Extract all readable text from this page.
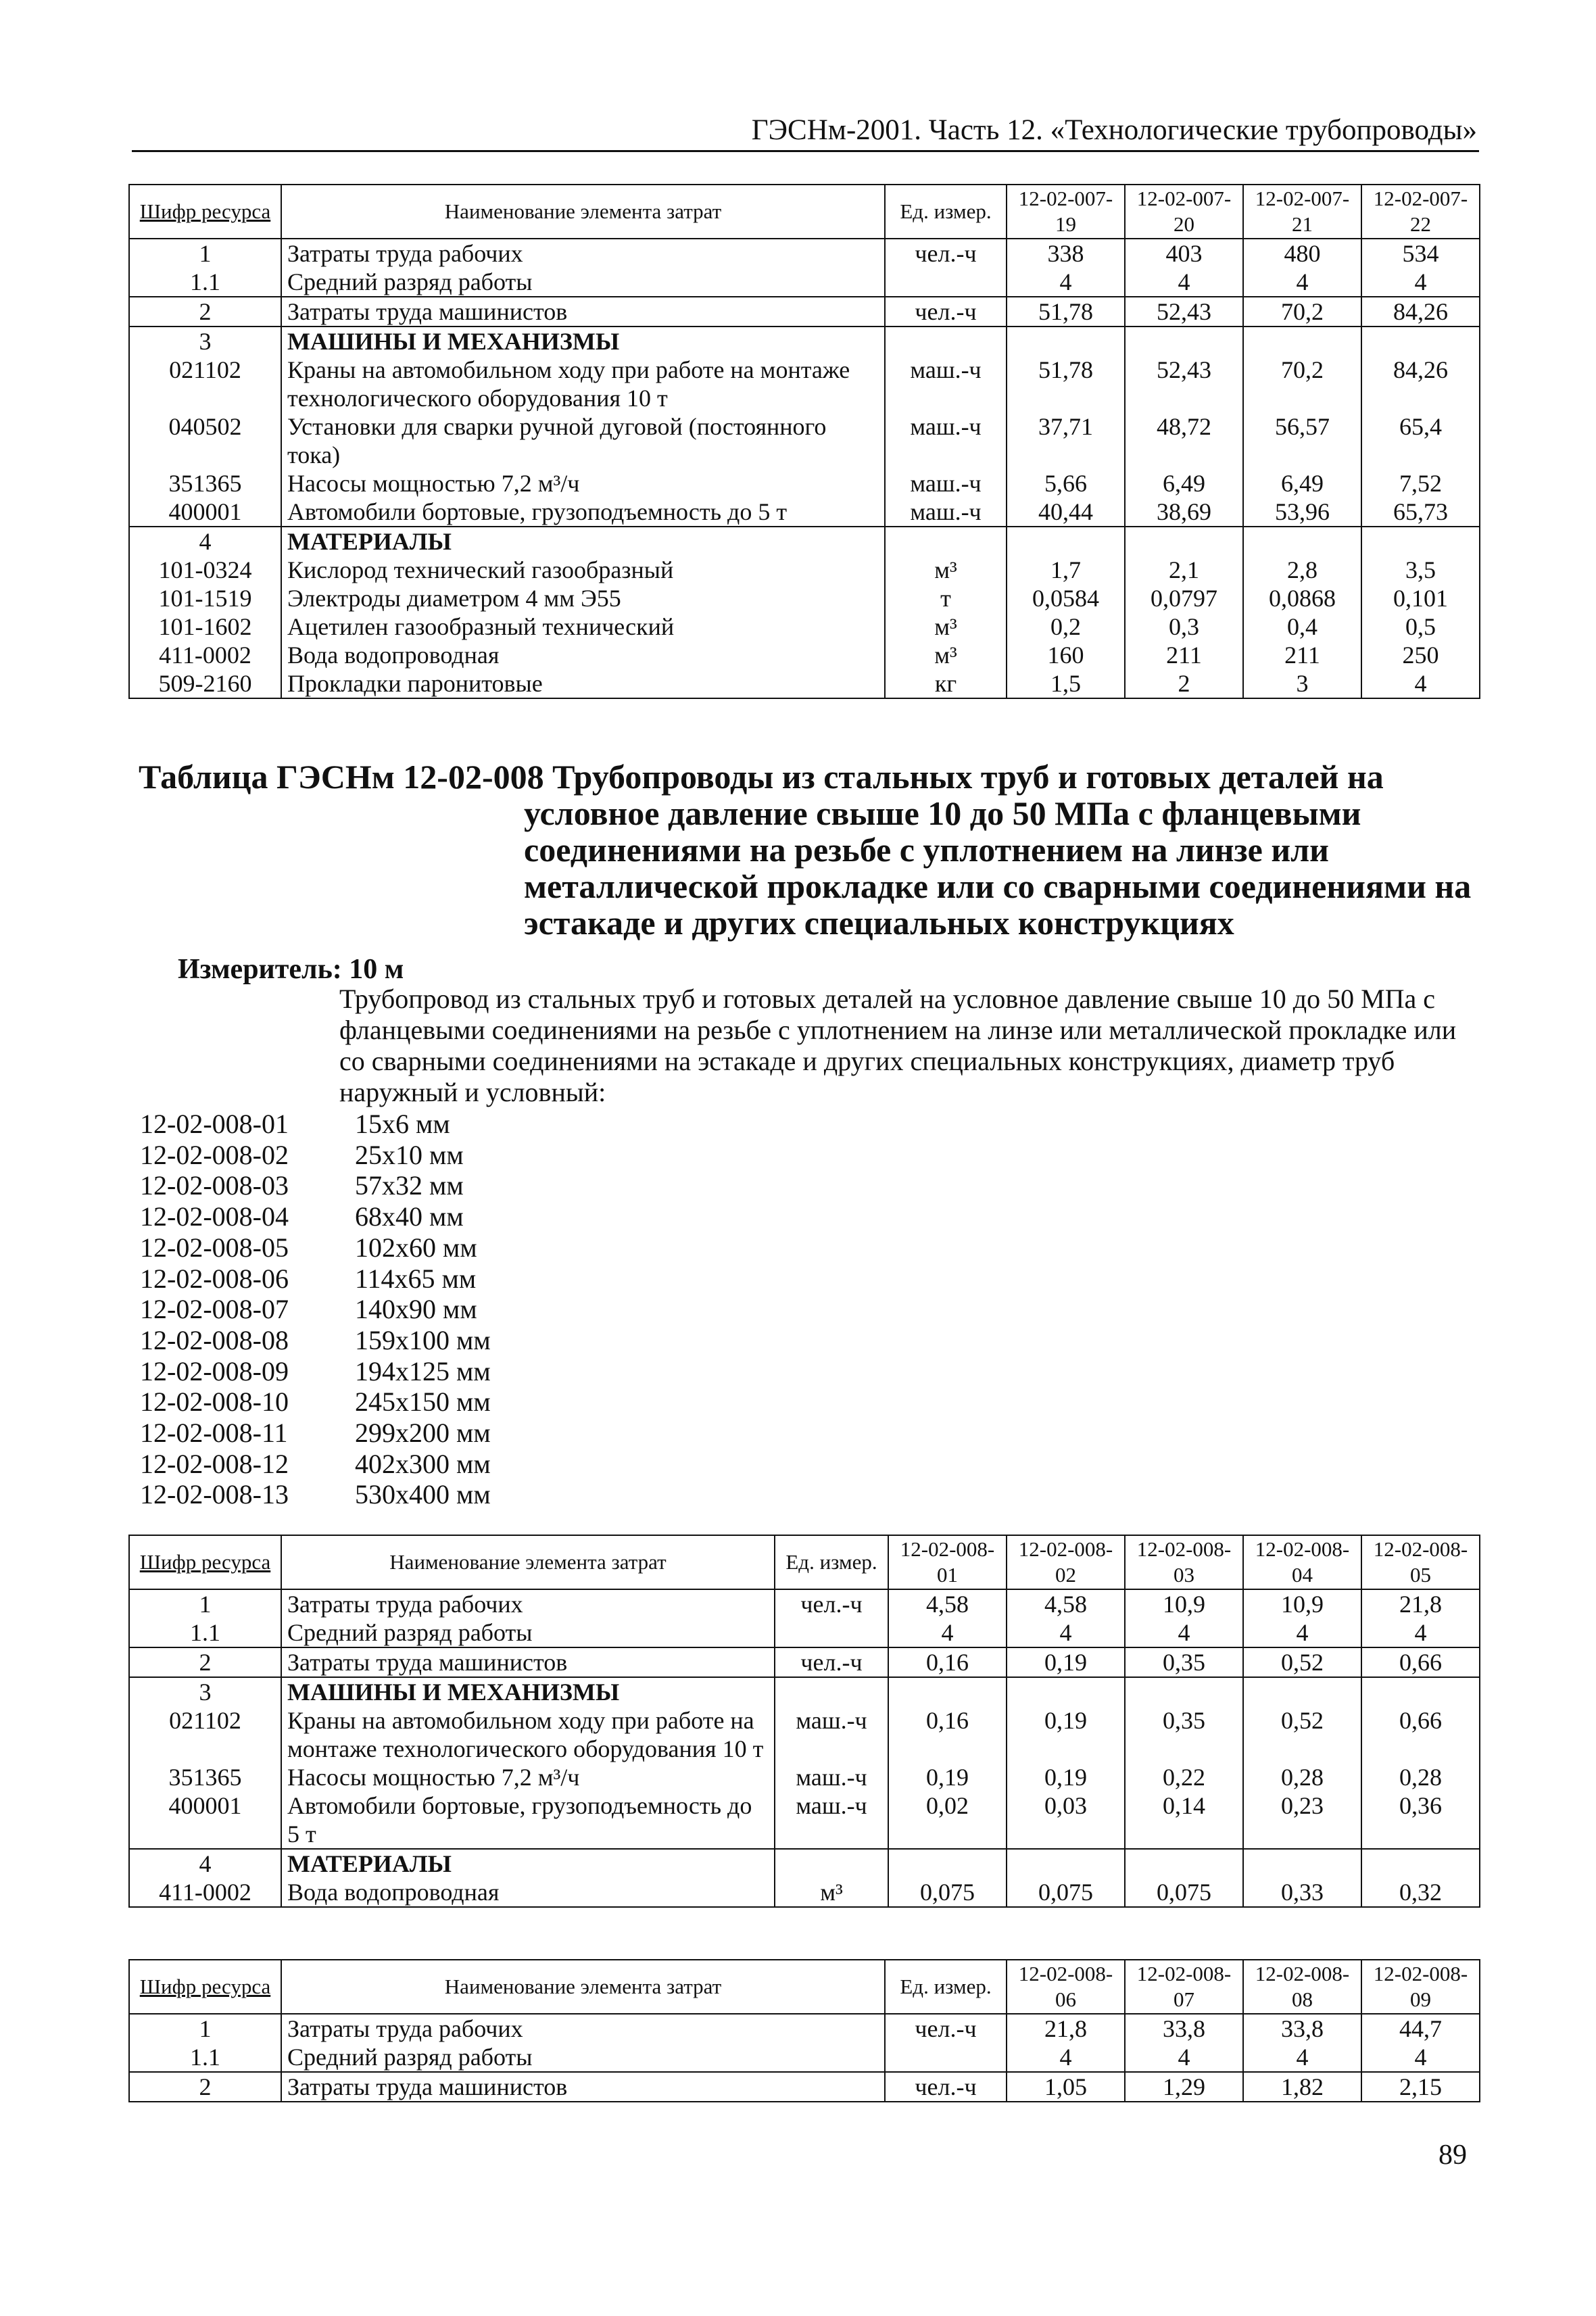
ГЭСНм-2001. Часть 12. «Технологические трубопроводы»
Шифр ресурса	Наименование элемента затрат	Ед. измер.	12-02-007-19	12-02-007-20	12-02-007-21	12-02-007-22
1	Затраты труда рабочих	чел.-ч	338	403	480	534
1.1	Средний разряд работы		4	4	4	4
2	Затраты труда машинистов	чел.-ч	51,78	52,43	70,2	84,26
3	МАШИНЫ И МЕХАНИЗМЫ					
021102	Краны на автомобильном ходу при работе на монтаже технологического оборудования 10 т	маш.-ч	51,78	52,43	70,2	84,26
040502	Установки для сварки ручной дуговой (постоянного тока)	маш.-ч	37,71	48,72	56,57	65,4
351365	Насосы мощностью 7,2 м³/ч	маш.-ч	5,66	6,49	6,49	7,52
400001	Автомобили бортовые, грузоподъемность до 5 т	маш.-ч	40,44	38,69	53,96	65,73
4	МАТЕРИАЛЫ					
101-0324	Кислород технический газообразный	м³	1,7	2,1	2,8	3,5
101-1519	Электроды диаметром 4 мм Э55	т	0,0584	0,0797	0,0868	0,101
101-1602	Ацетилен газообразный технический	м³	0,2	0,3	0,4	0,5
411-0002	Вода водопроводная	м³	160	211	211	250
509-2160	Прокладки паронитовые	кг	1,5	2	3	4
Таблица ГЭСНм 12-02-008 Трубопроводы из стальных труб и готовых деталей на
условное давление свыше 10 до 50 МПа с фланцевыми соединениями на резьбе с уплотнением на линзе или металлической прокладке или со сварными соединениями на эстакаде и других специальных конструкциях
Измеритель: 10 м
Трубопровод из стальных труб и готовых деталей на условное давление свыше 10 до 50 МПа с фланцевыми соединениями на резьбе с уплотнением на линзе или металлической прокладке или со сварными соединениями на эстакаде и других специальных конструкциях, диаметр труб наружный и условный:
12-02-008-01	15x6 мм
12-02-008-02	25x10 мм
12-02-008-03	57x32 мм
12-02-008-04	68x40 мм
12-02-008-05	102x60 мм
12-02-008-06	114x65 мм
12-02-008-07	140x90 мм
12-02-008-08	159x100 мм
12-02-008-09	194x125 мм
12-02-008-10	245x150 мм
12-02-008-11	299x200 мм
12-02-008-12	402x300 мм
12-02-008-13	530x400 мм
Шифр ресурса	Наименование элемента затрат	Ед. измер.	12-02-008-01	12-02-008-02	12-02-008-03	12-02-008-04	12-02-008-05
1	Затраты труда рабочих	чел.-ч	4,58	4,58	10,9	10,9	21,8
1.1	Средний разряд работы		4	4	4	4	4
2	Затраты труда машинистов	чел.-ч	0,16	0,19	0,35	0,52	0,66
3	МАШИНЫ И МЕХАНИЗМЫ						
021102	Краны на автомобильном ходу при работе на монтаже технологического оборудования 10 т	маш.-ч	0,16	0,19	0,35	0,52	0,66
351365	Насосы мощностью 7,2 м³/ч	маш.-ч	0,19	0,19	0,22	0,28	0,28
400001	Автомобили бортовые, грузоподъемность до 5 т	маш.-ч	0,02	0,03	0,14	0,23	0,36
4	МАТЕРИАЛЫ						
411-0002	Вода водопроводная	м³	0,075	0,075	0,075	0,33	0,32
Шифр ресурса	Наименование элемента затрат	Ед. измер.	12-02-008-06	12-02-008-07	12-02-008-08	12-02-008-09
1	Затраты труда рабочих	чел.-ч	21,8	33,8	33,8	44,7
1.1	Средний разряд работы		4	4	4	4
2	Затраты труда машинистов	чел.-ч	1,05	1,29	1,82	2,15
89
